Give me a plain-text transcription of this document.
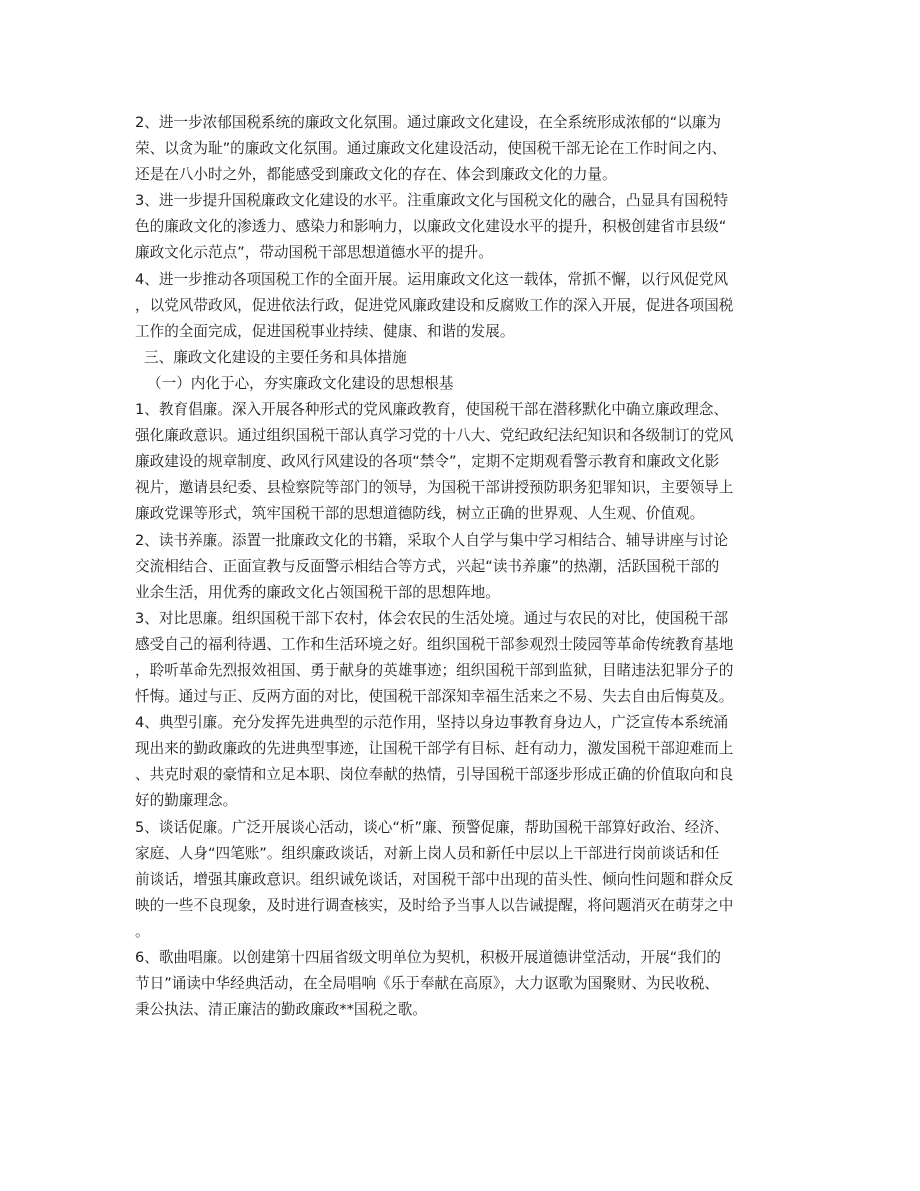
2、进一步浓郁国税系统的廉政文化氛围。通过廉政文化建设，在全系统形成浓郁的“以廉为
荣、以贪为耻”的廉政文化氛围。通过廉政文化建设活动，使国税干部无论在工作时间之内、
还是在八小时之外，都能感受到廉政文化的存在、体会到廉政文化的力量。
3、进一步提升国税廉政文化建设的水平。注重廉政文化与国税文化的融合，凸显具有国税特
色的廉政文化的渗透力、感染力和影响力，以廉政文化建设水平的提升，积极创建省市县级“
廉政文化示范点”，带动国税干部思想道德水平的提升。
4、进一步推动各项国税工作的全面开展。运用廉政文化这一载体，常抓不懈，以行风促党风
，以党风带政风，促进依法行政，促进党风廉政建设和反腐败工作的深入开展，促进各项国税
工作的全面完成，促进国税事业持续、健康、和谐的发展。
三、廉政文化建设的主要任务和具体措施
（一）内化于心，夯实廉政文化建设的思想根基
1、教育倡廉。深入开展各种形式的党风廉政教育，使国税干部在潜移默化中确立廉政理念、
强化廉政意识。通过组织国税干部认真学习党的十八大、党纪政纪法纪知识和各级制订的党风
廉政建设的规章制度、政风行风建设的各项“禁令”，定期不定期观看警示教育和廉政文化影
视片，邀请县纪委、县检察院等部门的领导，为国税干部讲授预防职务犯罪知识，主要领导上
廉政党课等形式，筑牢国税干部的思想道德防线，树立正确的世界观、人生观、价值观。
2、读书养廉。添置一批廉政文化的书籍，采取个人自学与集中学习相结合、辅导讲座与讨论
交流相结合、正面宣教与反面警示相结合等方式，兴起“读书养廉”的热潮，活跃国税干部的
业余生活，用优秀的廉政文化占领国税干部的思想阵地。
3、对比思廉。组织国税干部下农村，体会农民的生活处境。通过与农民的对比，使国税干部
感受自己的福利待遇、工作和生活环境之好。组织国税干部参观烈士陵园等革命传统教育基地
，聆听革命先烈报效祖国、勇于献身的英雄事迹；组织国税干部到监狱，目睹违法犯罪分子的
忏悔。通过与正、反两方面的对比，使国税干部深知幸福生活来之不易、失去自由后悔莫及。
4、典型引廉。充分发挥先进典型的示范作用，坚持以身边事教育身边人，广泛宣传本系统涌
现出来的勤政廉政的先进典型事迹，让国税干部学有目标、赶有动力，激发国税干部迎难而上
、共克时艰的豪情和立足本职、岗位奉献的热情，引导国税干部逐步形成正确的价值取向和良
好的勤廉理念。
5、谈话促廉。广泛开展谈心活动，谈心“析”廉、预警促廉，帮助国税干部算好政治、经济、
家庭、人身“四笔账”。组织廉政谈话，对新上岗人员和新任中层以上干部进行岗前谈话和任
前谈话，增强其廉政意识。组织诫免谈话，对国税干部中出现的苗头性、倾向性问题和群众反
映的一些不良现象，及时进行调查核实，及时给予当事人以告诫提醒，将问题消灭在萌芽之中
。
6、歌曲唱廉。以创建第十四届省级文明单位为契机，积极开展道德讲堂活动，开展“我们的
节日”诵读中华经典活动，在全局唱响《乐于奉献在高原》，大力讴歌为国聚财、为民收税、
秉公执法、清正廉洁的勤政廉政**国税之歌。
